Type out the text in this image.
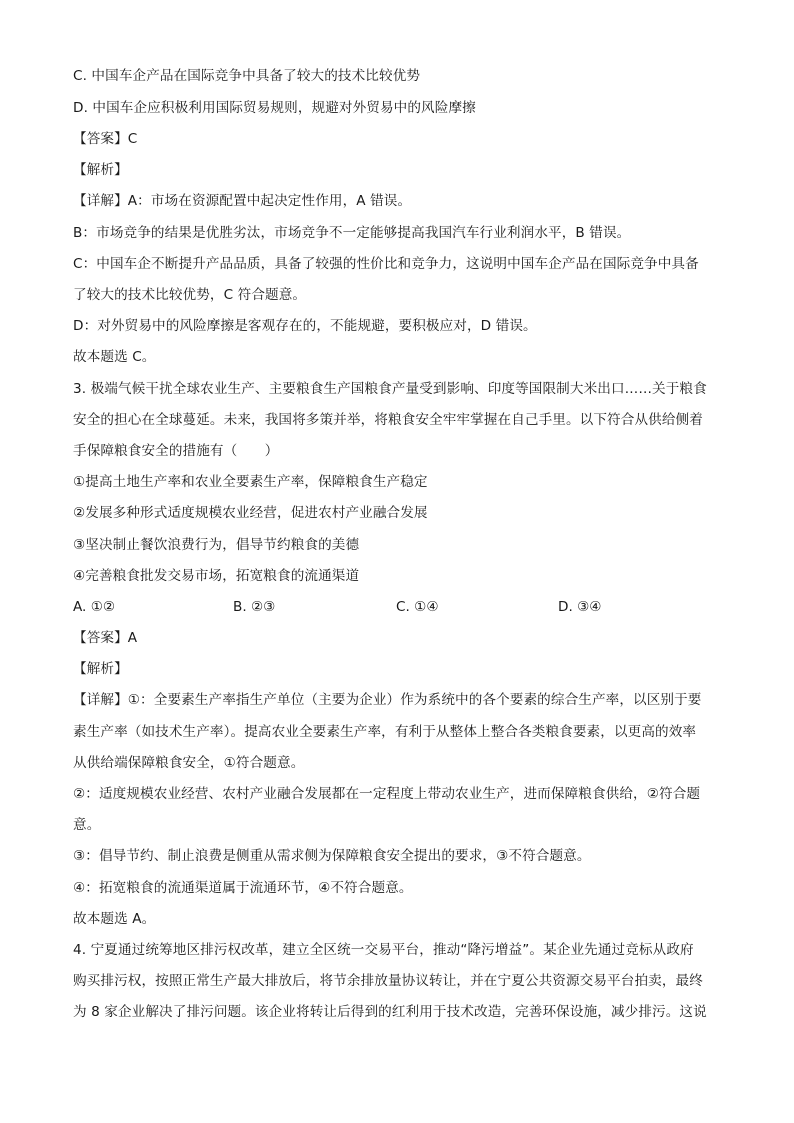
C. 中国车企产品在国际竞争中具备了较大的技术比较优势
D. 中国车企应积极利用国际贸易规则，规避对外贸易中的风险摩擦
【答案】C
【解析】
【详解】A：市场在资源配置中起决定性作用，A 错误。
B：市场竞争的结果是优胜劣汰，市场竞争不一定能够提高我国汽车行业利润水平，B 错误。
C：中国车企不断提升产品品质，具备了较强的性价比和竞争力，这说明中国车企产品在国际竞争中具备
了较大的技术比较优势，C 符合题意。
D：对外贸易中的风险摩擦是客观存在的，不能规避，要积极应对，D 错误。
故本题选 C。
3. 极端气候干扰全球农业生产、主要粮食生产国粮食产量受到影响、印度等国限制大米出口……关于粮食
安全的担心在全球蔓延。未来，我国将多策并举，将粮食安全牢牢掌握在自己手里。以下符合从供给侧着
手保障粮食安全的措施有（　　）
①提高土地生产率和农业全要素生产率，保障粮食生产稳定
②发展多种形式适度规模农业经营，促进农村产业融合发展
③坚决制止餐饮浪费行为，倡导节约粮食的美德
④完善粮食批发交易市场，拓宽粮食的流通渠道
A. ①②	B. ②③	C. ①④	D. ③④
【答案】A
【解析】
【详解】①：全要素生产率指生产单位（主要为企业）作为系统中的各个要素的综合生产率，以区别于要
素生产率（如技术生产率）。提高农业全要素生产率，有利于从整体上整合各类粮食要素，以更高的效率
从供给端保障粮食安全，①符合题意。
②：适度规模农业经营、农村产业融合发展都在一定程度上带动农业生产，进而保障粮食供给，②符合题
意。
③：倡导节约、制止浪费是侧重从需求侧为保障粮食安全提出的要求，③不符合题意。
④：拓宽粮食的流通渠道属于流通环节，④不符合题意。
故本题选 A。
4. 宁夏通过统筹地区排污权改革，建立全区统一交易平台，推动“降污增益”。某企业先通过竞标从政府
购买排污权，按照正常生产最大排放后，将节余排放量协议转让，并在宁夏公共资源交易平台拍卖，最终
为 8 家企业解决了排污问题。该企业将转让后得到的红利用于技术改造，完善环保设施，减少排污。这说
